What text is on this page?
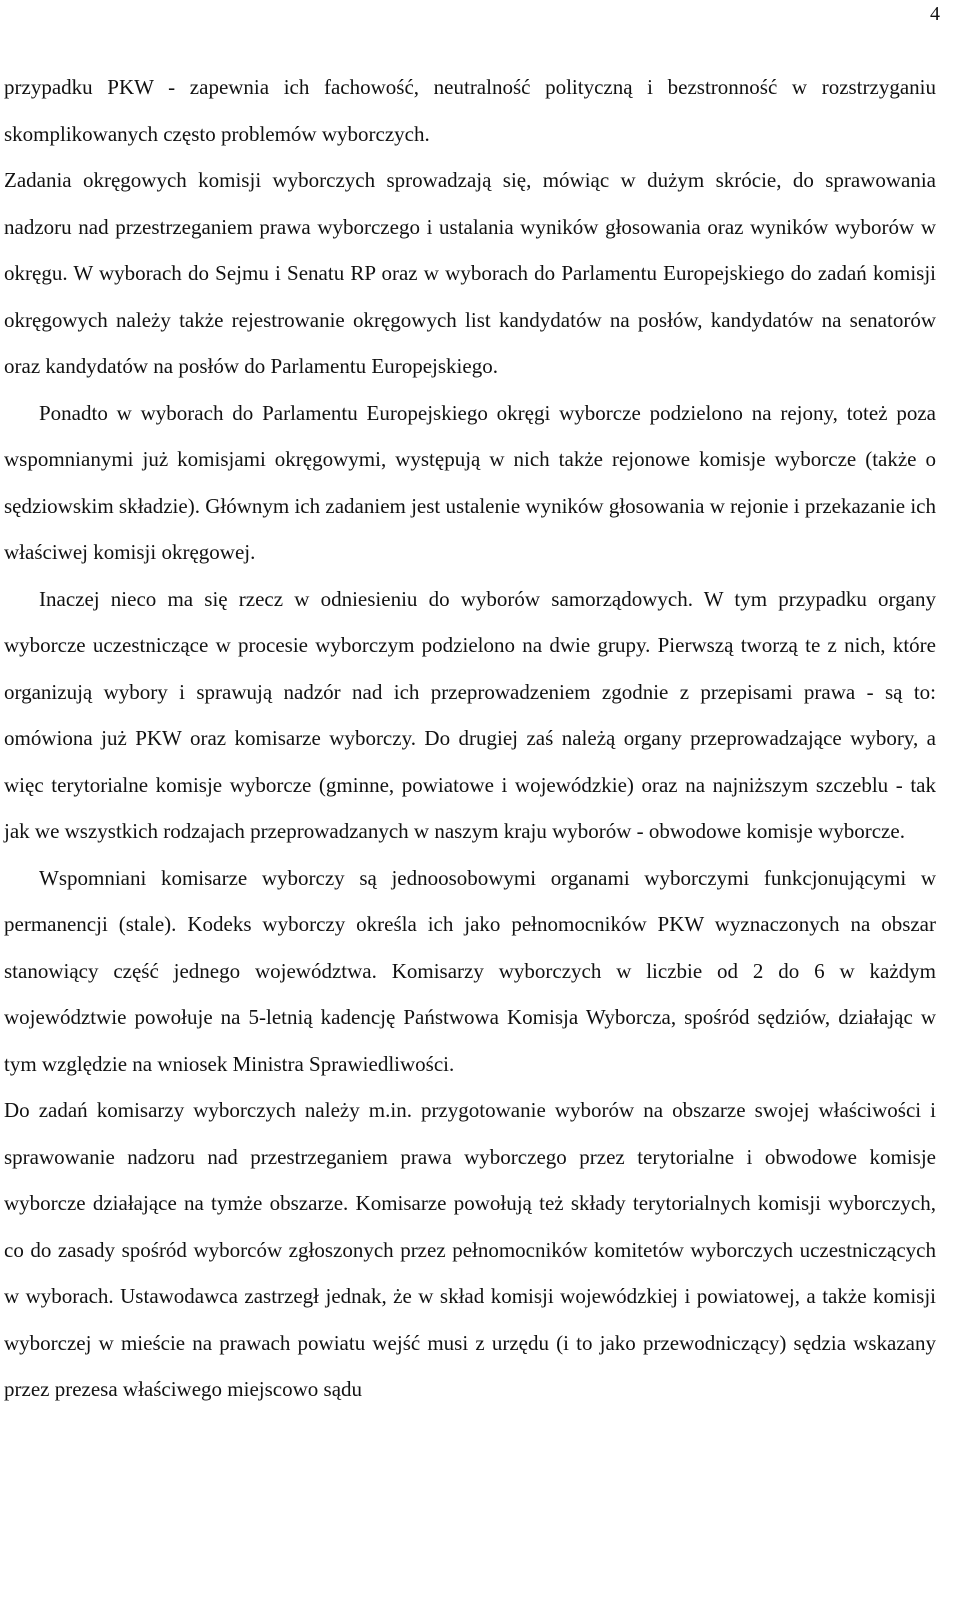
4

przypadku PKW - zapewnia ich fachowość, neutralność polityczną i bezstronność w rozstrzyganiu skomplikowanych często problemów wyborczych.

Zadania okręgowych komisji wyborczych sprowadzają się, mówiąc w dużym skrócie, do sprawowania nadzoru nad przestrzeganiem prawa wyborczego i ustalania wyników głosowania oraz wyników wyborów w okręgu. W wyborach do Sejmu i Senatu RP oraz w wyborach do Parlamentu Europejskiego do zadań komisji okręgowych należy także rejestrowanie okręgowych list kandydatów na posłów, kandydatów na senatorów oraz kandydatów na posłów do Parlamentu Europejskiego.

Ponadto w wyborach do Parlamentu Europejskiego okręgi wyborcze podzielono na rejony, toteż poza wspomnianymi już komisjami okręgowymi, występują w nich także rejonowe komisje wyborcze (także o sędziowskim składzie). Głównym ich zadaniem jest ustalenie wyników głosowania w rejonie i przekazanie ich właściwej komisji okręgowej.

Inaczej nieco ma się rzecz w odniesieniu do wyborów samorządowych. W tym przypadku organy wyborcze uczestniczące w procesie wyborczym podzielono na dwie grupy. Pierwszą tworzą te z nich, które organizują wybory i sprawują nadzór nad ich przeprowadzeniem zgodnie z przepisami prawa - są to: omówiona już PKW oraz komisarze wyborczy. Do drugiej zaś należą organy przeprowadzające wybory, a więc terytorialne komisje wyborcze (gminne, powiatowe i wojewódzkie) oraz na najniższym szczeblu - tak jak we wszystkich rodzajach przeprowadzanych w naszym kraju wyborów - obwodowe komisje wyborcze.

Wspomniani komisarze wyborczy są jednoosobowymi organami wyborczymi funkcjonującymi w permanencji (stale). Kodeks wyborczy określa ich jako pełnomocników PKW wyznaczonych na obszar stanowiący część jednego województwa. Komisarzy wyborczych w liczbie od 2 do 6 w każdym województwie powołuje na 5-letnią kadencję Państwowa Komisja Wyborcza, spośród sędziów, działając w tym względzie na wniosek Ministra Sprawiedliwości.

Do zadań komisarzy wyborczych należy m.in. przygotowanie wyborów na obszarze swojej właściwości i sprawowanie nadzoru nad przestrzeganiem prawa wyborczego przez terytorialne i obwodowe komisje wyborcze działające na tymże obszarze. Komisarze powołują też składy terytorialnych komisji wyborczych, co do zasady spośród wyborców zgłoszonych przez pełnomocników komitetów wyborczych uczestniczących w wyborach. Ustawodawca zastrzegł jednak, że w skład komisji wojewódzkiej i powiatowej, a także komisji wyborczej w mieście na prawach powiatu wejść musi z urzędu (i to jako przewodniczący) sędzia wskazany przez prezesa właściwego miejscowo sądu
